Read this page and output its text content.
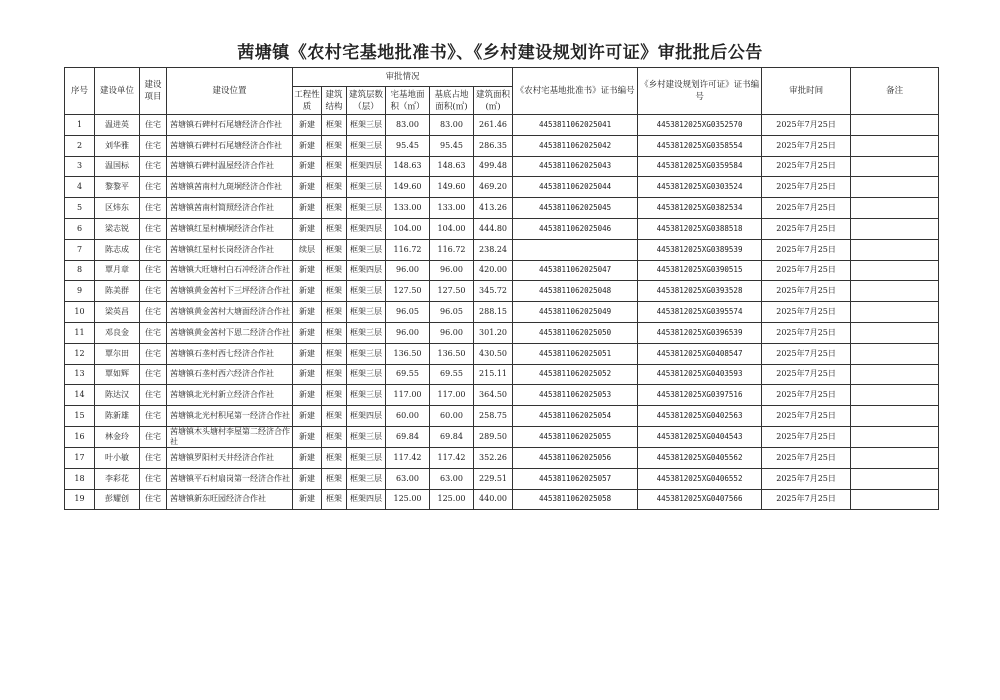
茜塘镇《农村宅基地批准书》、《乡村建设规划许可证》审批批后公告
序号	建设单位	建设项目	建设位置	审批情况						《农村宅基地批准书》证书编号	《乡村建设规划许可证》证书编号	审批时间	备注
				工程性质	建筑结构	建筑层数（层）	宅基地面积（㎡）	基底占地面积(㎡)	建筑面积(㎡)				
1	温进英	住宅	茜塘镇石碑村石尾塘经济合作社	新建	框架	框架三层	83.00	83.00	261.46	445381106202504​1	4453812025XG0352570	2025年7月25日	
2	刘华雅	住宅	茜塘镇石碑村石尾塘经济合作社	新建	框架	框架三层	95.45	95.45	286.35	4453811062025042	4453812025XG0358554	2025年7月25日	
3	温国标	住宅	茜塘镇石碑村温屋经济合作社	新建	框架	框架四层	148.63	148.63	499.48	4453811062025043	4453812025XG0359584	2025年7月25日	
4	黎黎平	住宅	茜塘镇茜南村九斑垌经济合作社	新建	框架	框架三层	149.60	149.60	469.20	4453811062025044	4453812025XG0303524	2025年7月25日	
5	区炜东	住宅	茜塘镇茜南村简照经济合作社	新建	框架	框架三层	133.00	133.00	413.26	4453811062025045	4453812025XG0382534	2025年7月25日	
6	梁志锐	住宅	茜塘镇红星村横垌经济合作社	新建	框架	框架四层	104.00	104.00	444.80	4453811062025046	4453812025XG0388518	2025年7月25日	
7	陈志成	住宅	茜塘镇红星村长岗经济合作社	续层	框架	框架三层	116.72	116.72	238.24		4453812025XG0389539	2025年7月25日	
8	覃月章	住宅	茜塘镇大旺塘村白石冲经济合作社	新建	框架	框架四层	96.00	96.00	420.00	4453811062025047	4453812025XG0390515	2025年7月25日	
9	陈美群	住宅	茜塘镇黄金茜村下三坪经济合作社	新建	框架	框架三层	127.50	127.50	345.72	4453811062025048	4453812025XG0393528	2025年7月25日	
10	梁英昌	住宅	茜塘镇黄金茜村大塘面经济合作社	新建	框架	框架三层	96.05	96.05	288.15	4453811062025049	4453812025XG0395574	2025年7月25日	
11	邓良金	住宅	茜塘镇黄金茜村下恩二经济合作社	新建	框架	框架三层	96.00	96.00	301.20	4453811062025050	4453812025XG0396539	2025年7月25日	
12	覃尔田	住宅	茜塘镇石垄村西七经济合作社	新建	框架	框架三层	136.50	136.50	430.50	4453811062025051	4453812025XG0408547	2025年7月25日	
13	覃如辉	住宅	茜塘镇石垄村西六经济合作社	新建	框架	框架三层	69.55	69.55	215.11	4453811062025052	4453812025XG0403593	2025年7月25日	
14	陈达汉	住宅	茜塘镇北光村新立经济合作社	新建	框架	框架三层	117.00	117.00	364.50	4453811062025053	4453812025XG0397516	2025年7月25日	
15	陈新雄	住宅	茜塘镇北光村积尾第一经济合作社	新建	框架	框架四层	60.00	60.00	258.75	4453811062025054	4453812025XG0402563	2025年7月25日	
16	林金玲	住宅	茜塘镇木头塘村李屋第二经济合作社	新建	框架	框架三层	69.84	69.84	289.50	4453811062025055	4453812025XG0404543	2025年7月25日	
17	叶小敏	住宅	茜塘镇罗阳村天井经济合作社	新建	框架	框架三层	117.42	117.42	352.26	4453811062025056	4453812025XG0405562	2025年7月25日	
18	李彩花	住宅	茜塘镇平石村扇岗第一经济合作社	新建	框架	框架三层	63.00	63.00	229.51	4453811062025057	4453812025XG0406552	2025年7月25日	
19	彭耀创	住宅	茜塘镇新东旺园经济合作社	新建	框架	框架四层	125.00	125.00	440.00	4453811062025058	4453812025XG0407566	2025年7月25日	
